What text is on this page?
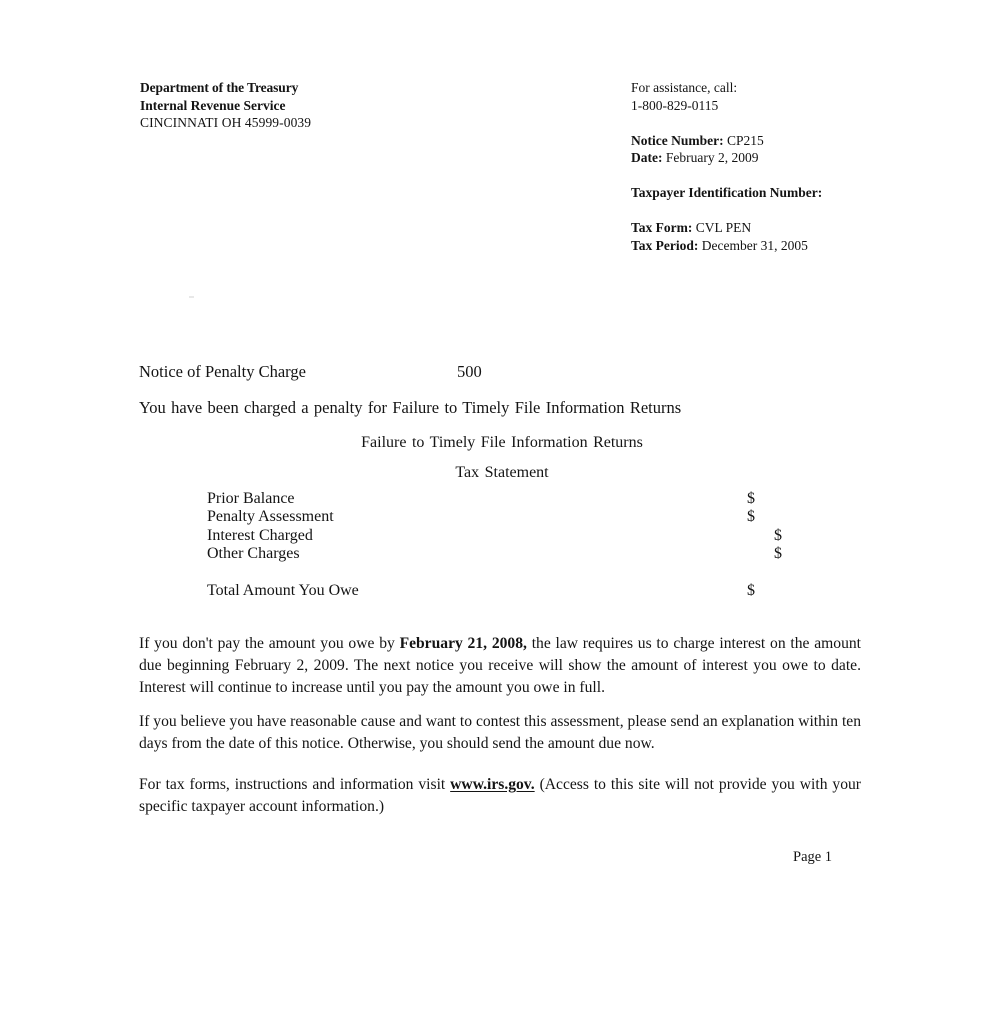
Department of the Treasury
Internal Revenue Service
CINCINNATI OH 45999-0039
For assistance, call:
1-800-829-0115
Notice Number: CP215
Date: February 2, 2009
Taxpayer Identification Number:
Tax Form: CVL PEN
Tax Period: December 31, 2005
Notice of Penalty Charge	500
You have been charged a penalty for Failure to Timely File Information Returns
Failure to Timely File Information Returns
Tax Statement
Prior Balance	$
Penalty Assessment	$
Interest Charged	$
Other Charges	$
Total Amount You Owe	$
If you don't pay the amount you owe by February 21, 2008, the law requires us to charge interest on the amount due beginning February 2, 2009. The next notice you receive will show the amount of interest you owe to date. Interest will continue to increase until you pay the amount you owe in full.
If you believe you have reasonable cause and want to contest this assessment, please send an explanation within ten days from the date of this notice. Otherwise, you should send the amount due now.
For tax forms, instructions and information visit www.irs.gov. (Access to this site will not provide you with your specific taxpayer account information.)
Page 1
